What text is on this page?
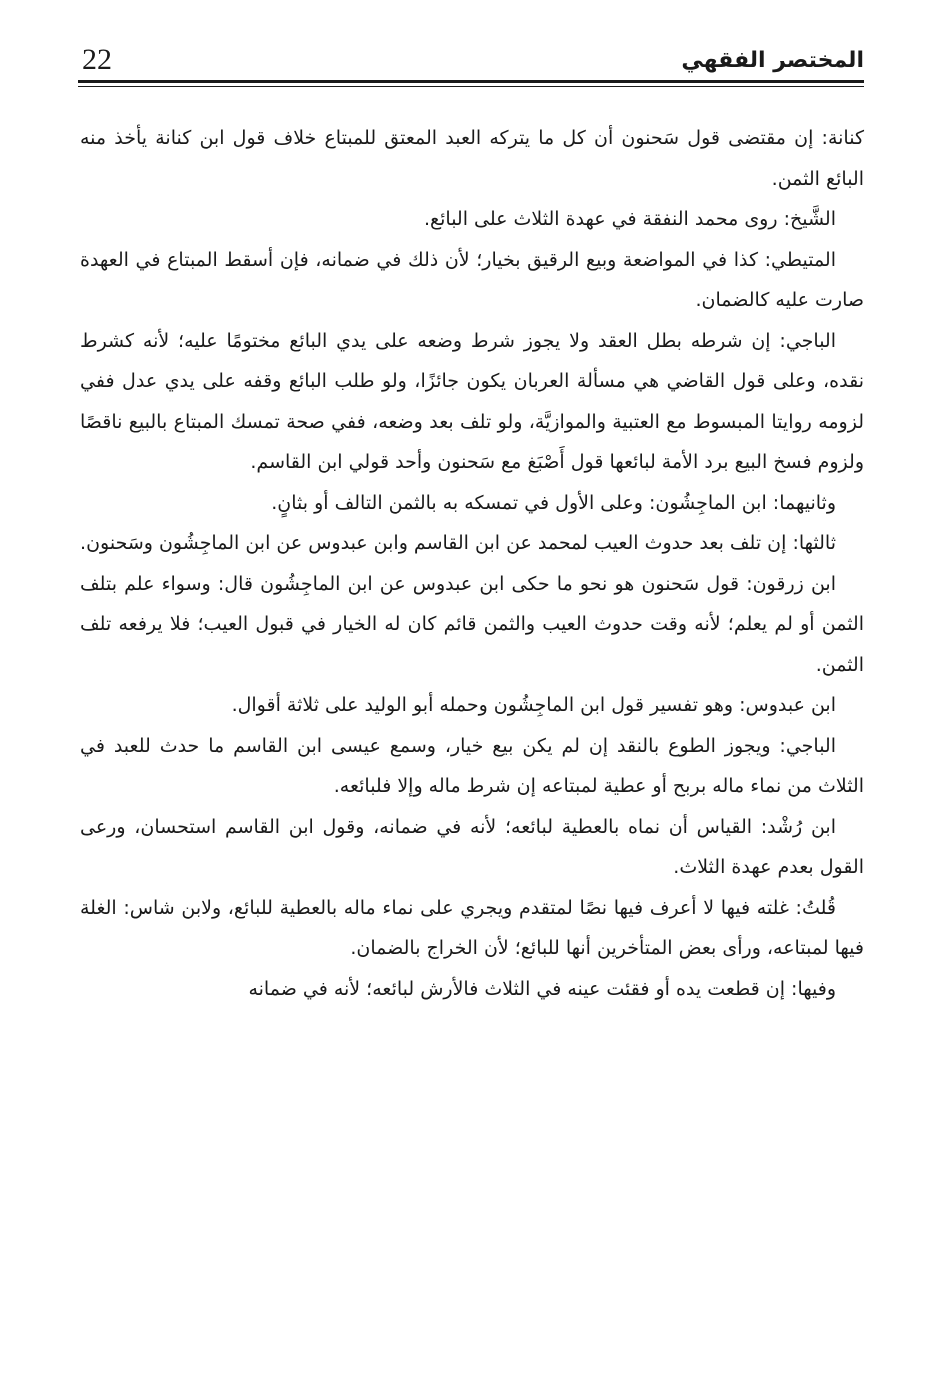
22	المختصر الفقهي

كنانة: إن مقتضى قول سَحنون أن كل ما يتركه العبد المعتق للمبتاع خلاف قول ابن كنانة يأخذ منه البائع الثمن.

الشَّيخ: روى محمد النفقة في عهدة الثلاث على البائع.

المتيطي: كذا في المواضعة وبيع الرقيق بخيار؛ لأن ذلك في ضمانه، فإن أسقط المبتاع في العهدة صارت عليه كالضمان.

الباجي: إن شرطه بطل العقد ولا يجوز شرط وضعه على يدي البائع مختومًا عليه؛ لأنه كشرط نقده، وعلى قول القاضي هي مسألة العربان يكون جائزًا، ولو طلب البائع وقفه على يدي عدل ففي لزومه روايتا المبسوط مع العتبية والموازيَّة، ولو تلف بعد وضعه، ففي صحة تمسك المبتاع بالبيع ناقصًا ولزوم فسخ البيع برد الأمة لبائعها قول أَصْبَغ مع سَحنون وأحد قولي ابن القاسم.

وثانيهما: ابن الماجِشُون: وعلى الأول في تمسكه به بالثمن التالف أو بثانٍ.

ثالثها: إن تلف بعد حدوث العيب لمحمد عن ابن القاسم وابن عبدوس عن ابن الماجِشُون وسَحنون.

ابن زرقون: قول سَحنون هو نحو ما حكى ابن عبدوس عن ابن الماجِشُون قال: وسواء علم بتلف الثمن أو لم يعلم؛ لأنه وقت حدوث العيب والثمن قائم كان له الخيار في قبول العيب؛ فلا يرفعه تلف الثمن.

ابن عبدوس: وهو تفسير قول ابن الماجِشُون وحمله أبو الوليد على ثلاثة أقوال.

الباجي: ويجوز الطوع بالنقد إن لم يكن بيع خيار، وسمع عيسى ابن القاسم ما حدث للعبد في الثلاث من نماء ماله بربح أو عطية لمبتاعه إن شرط ماله وإلا فلبائعه.

ابن رُشْد: القياس أن نماه بالعطية لبائعه؛ لأنه في ضمانه، وقول ابن القاسم استحسان، ورعى القول بعدم عهدة الثلاث.

قُلتُ: غلته فيها لا أعرف فيها نصًا لمتقدم ويجري على نماء ماله بالعطية للبائع، ولابن شاس: الغلة فيها لمبتاعه، ورأى بعض المتأخرين أنها للبائع؛ لأن الخراج بالضمان.

وفيها: إن قطعت يده أو فقئت عينه في الثلاث فالأرش لبائعه؛ لأنه في ضمانه
